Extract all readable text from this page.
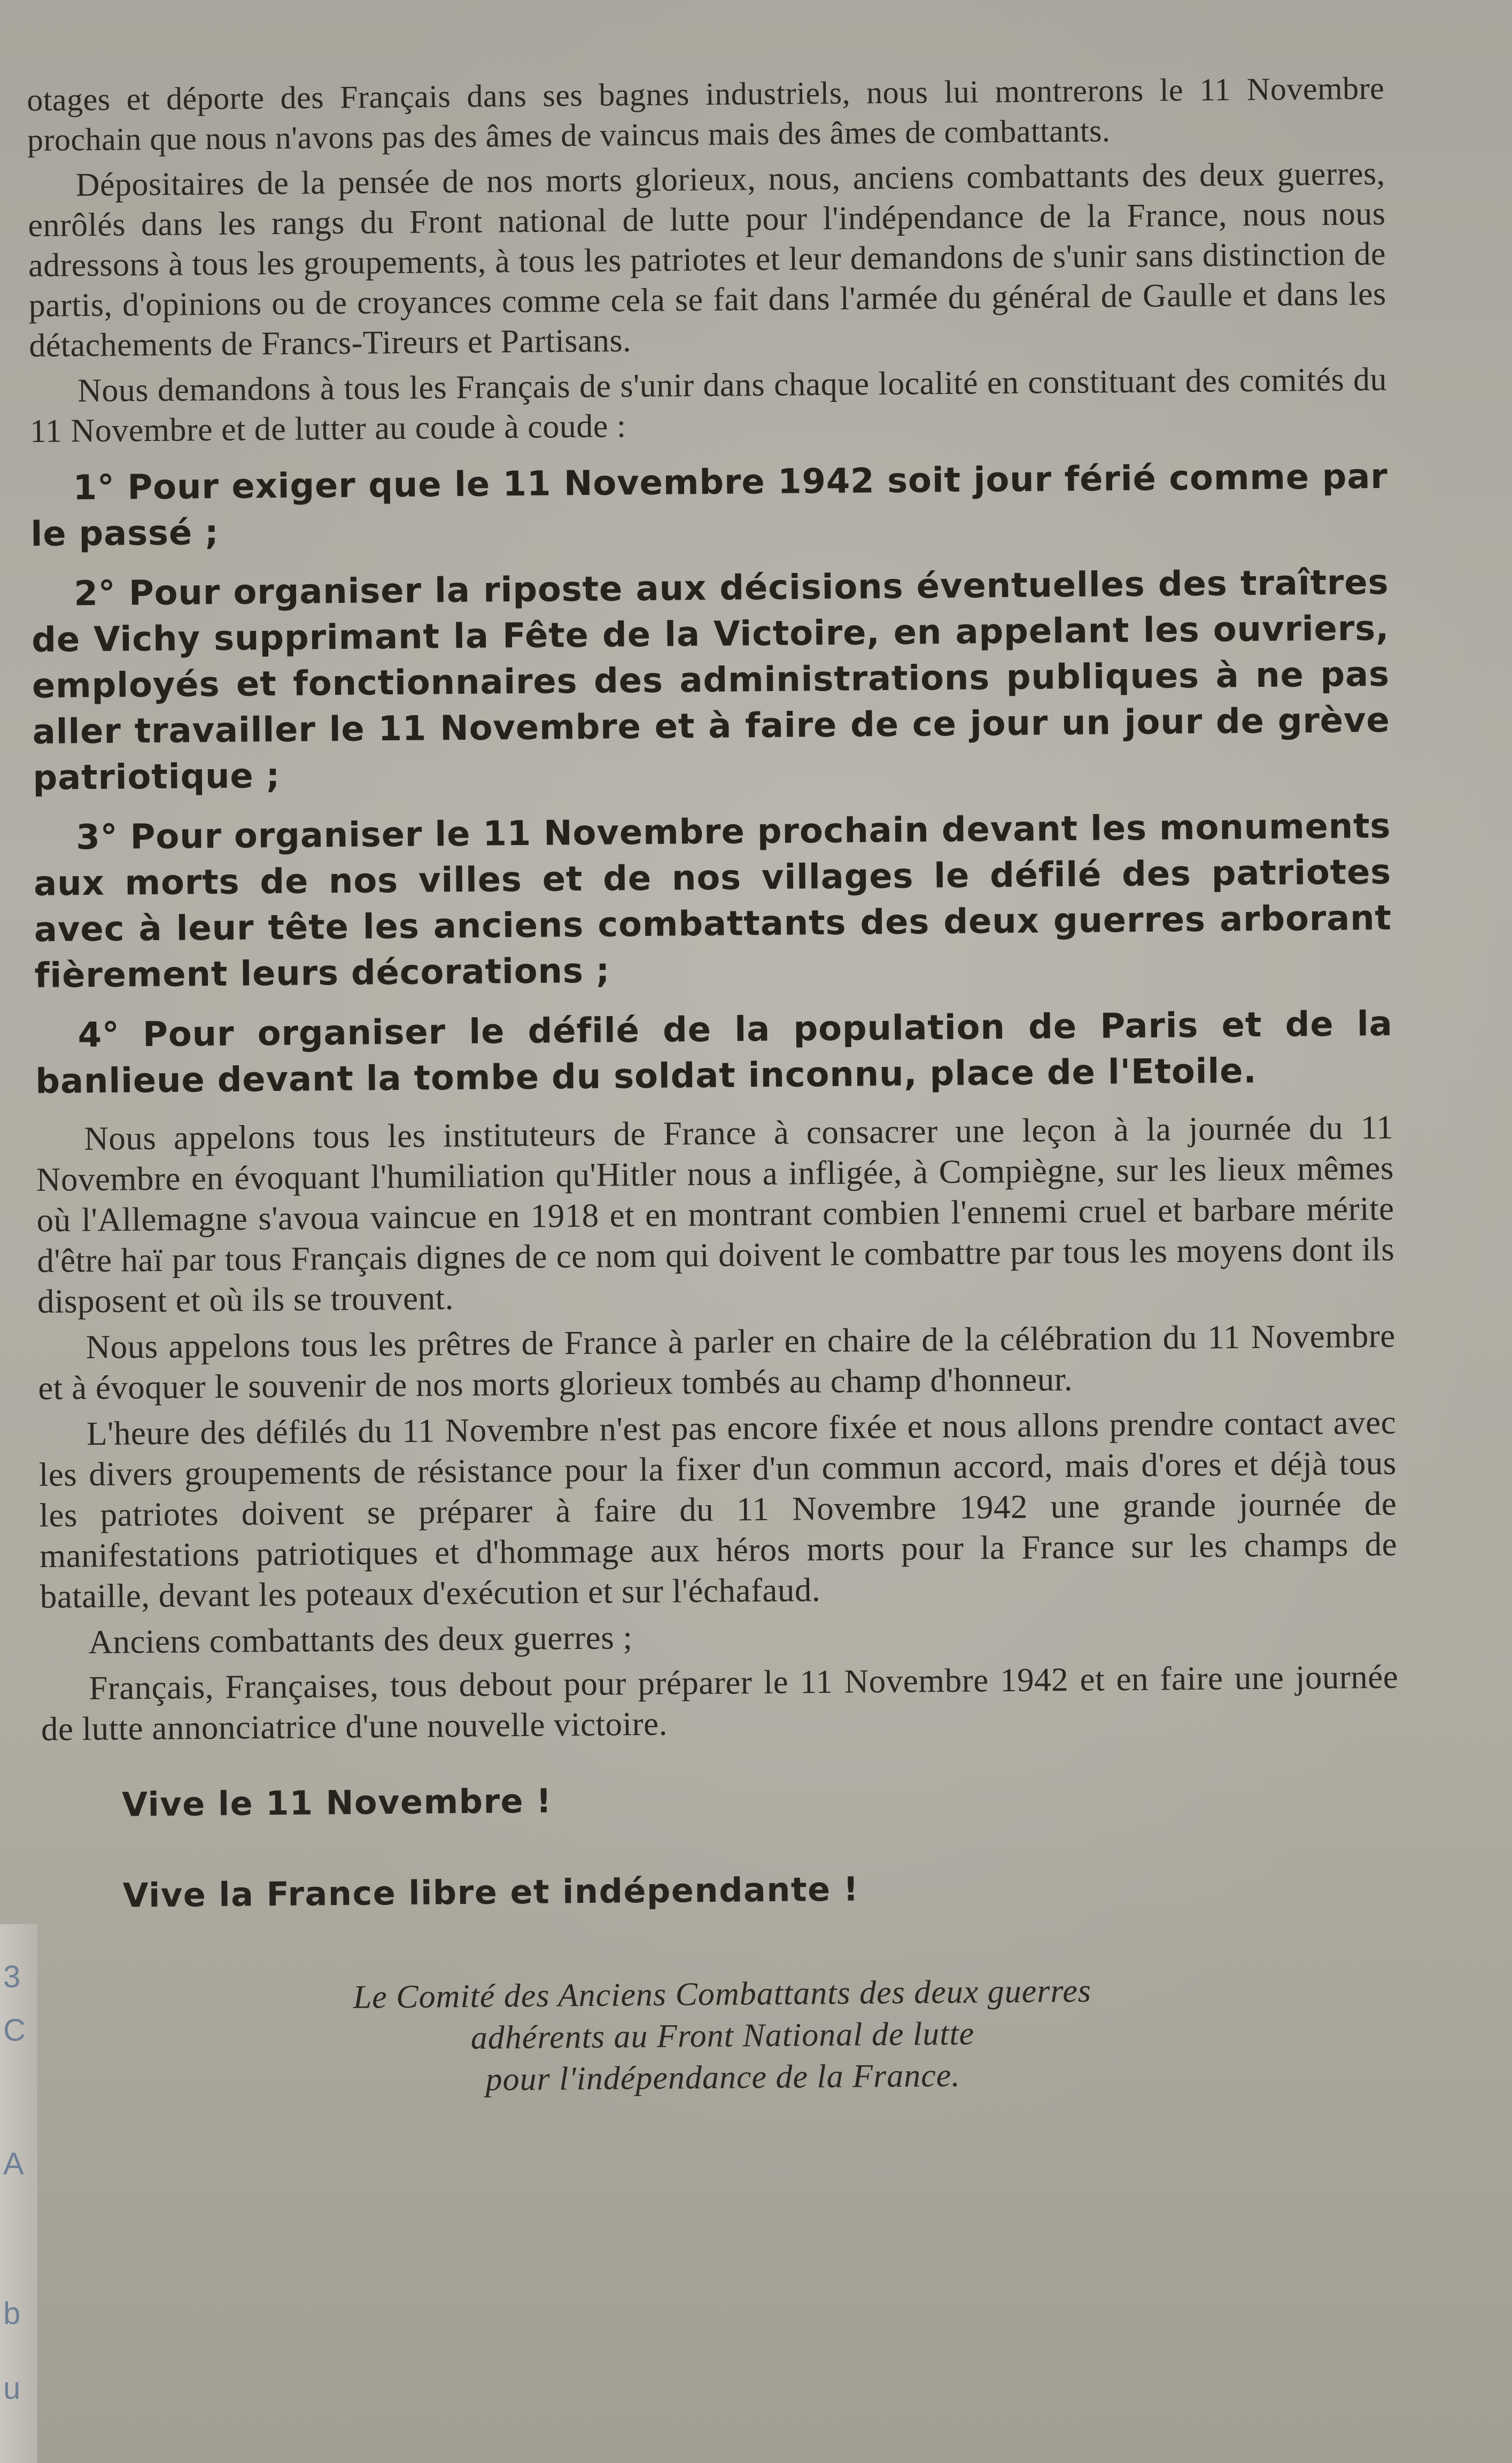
3
C
A
b
u

otages et déporte des Français dans ses bagnes industriels, nous lui montrerons le 11 Novembre prochain que nous n'avons pas des âmes de vaincus mais des âmes de combattants.

Dépositaires de la pensée de nos morts glorieux, nous, anciens combattants des deux guerres, enrôlés dans les rangs du Front national de lutte pour l'indépendance de la France, nous nous adressons à tous les groupements, à tous les patriotes et leur demandons de s'unir sans distinction de partis, d'opinions ou de croyances comme cela se fait dans l'armée du général de Gaulle et dans les détachements de Francs-Tireurs et Partisans.

Nous demandons à tous les Français de s'unir dans chaque localité en constituant des comités du 11 Novembre et de lutter au coude à coude :

1° Pour exiger que le 11 Novembre 1942 soit jour férié comme par le passé ;

2° Pour organiser la riposte aux décisions éventuelles des traîtres de Vichy supprimant la Fête de la Victoire, en appelant les ouvriers, employés et fonctionnaires des administrations publiques à ne pas aller travailler le 11 Novembre et à faire de ce jour un jour de grève patriotique ;

3° Pour organiser le 11 Novembre prochain devant les monuments aux morts de nos villes et de nos villages le défilé des patriotes avec à leur tête les anciens combattants des deux guerres arborant fièrement leurs décorations ;

4° Pour organiser le défilé de la population de Paris et de la banlieue devant la tombe du soldat inconnu, place de l'Etoile.

Nous appelons tous les instituteurs de France à consacrer une leçon à la journée du 11 Novembre en évoquant l'humiliation qu'Hitler nous a infligée, à Compiègne, sur les lieux mêmes où l'Allemagne s'avoua vaincue en 1918 et en montrant combien l'ennemi cruel et barbare mérite d'être haï par tous Français dignes de ce nom qui doivent le combattre par tous les moyens dont ils disposent et où ils se trouvent.

Nous appelons tous les prêtres de France à parler en chaire de la célébration du 11 Novembre et à évoquer le souvenir de nos morts glorieux tombés au champ d'honneur.

L'heure des défilés du 11 Novembre n'est pas encore fixée et nous allons prendre contact avec les divers groupements de résistance pour la fixer d'un commun accord, mais d'ores et déjà tous les patriotes doivent se préparer à faire du 11 Novembre 1942 une grande journée de manifestations patriotiques et d'hommage aux héros morts pour la France sur les champs de bataille, devant les poteaux d'exécution et sur l'échafaud.

Anciens combattants des deux guerres ;

Français, Françaises, tous debout pour préparer le 11 Novembre 1942 et en faire une journée de lutte annonciatrice d'une nouvelle victoire.

Vive le 11 Novembre !
Vive la France libre et indépendante !
Le Comité des Anciens Combattants des deux guerres
adhérents au Front National de lutte
pour l'indépendance de la France.
